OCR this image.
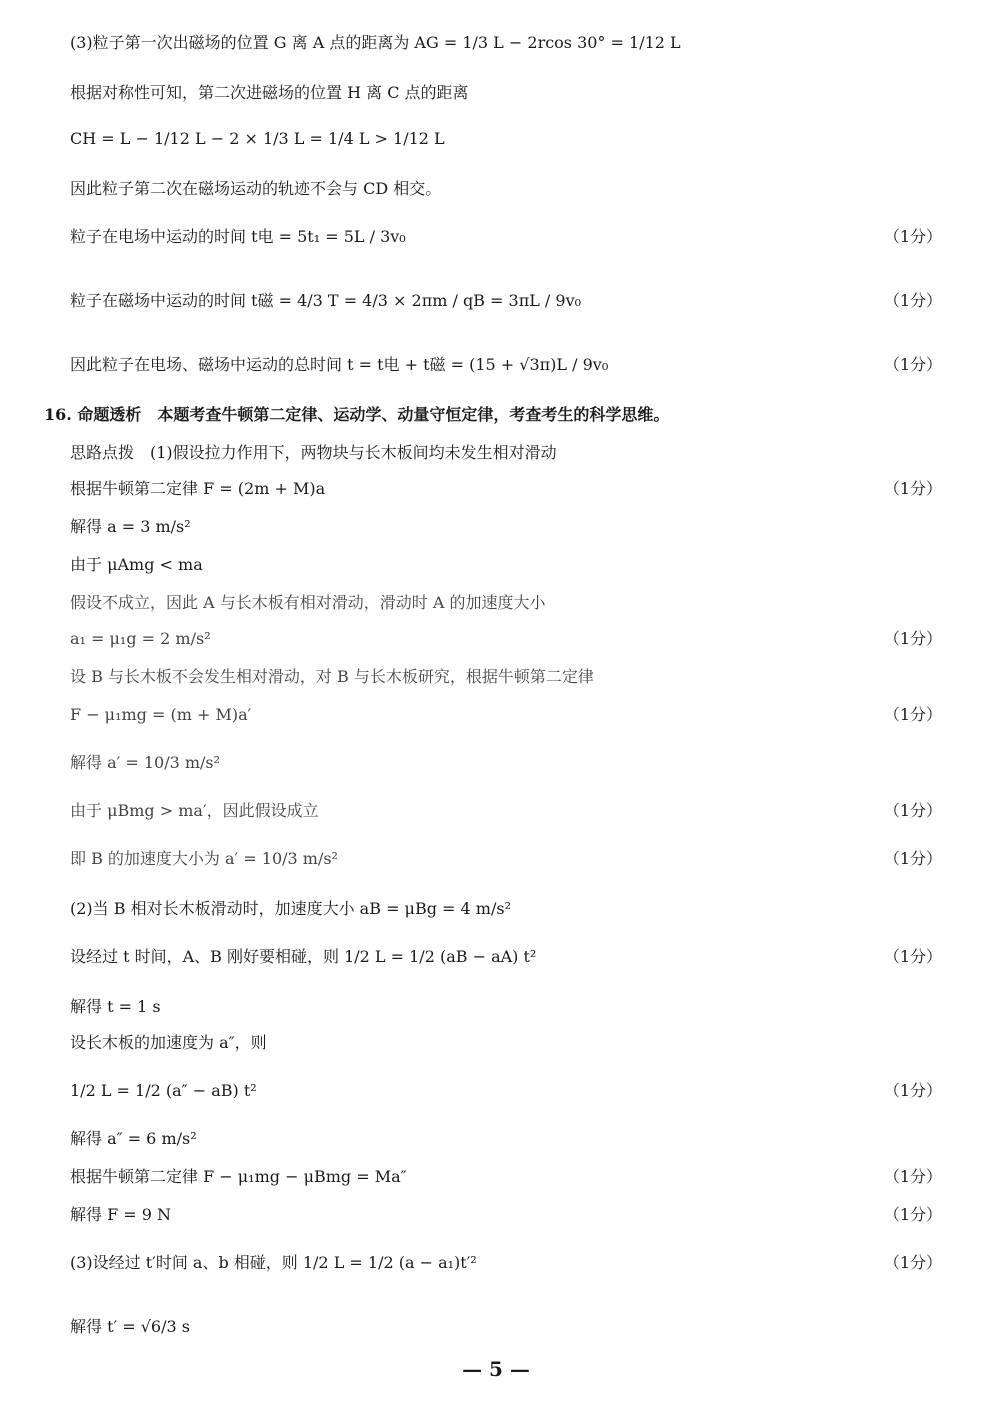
(3)粒子第一次出磁场的位置 G 离 A 点的距离为 AG = 1/3 L − 2rcos 30° = 1/12 L
根据对称性可知，第二次进磁场的位置 H 离 C 点的距离
CH = L − 1/12 L − 2 × 1/3 L = 1/4 L > 1/12 L
因此粒子第二次在磁场运动的轨迹不会与 CD 相交。
粒子在电场中运动的时间 t电 = 5t₁ = 5L / 3v₀	（1分）
粒子在磁场中运动的时间 t磁 = 4/3 T = 4/3 × 2πm / qB = 3πL / 9v₀	（1分）
因此粒子在电场、磁场中运动的总时间 t = t电 + t磁 = (15 + √3π)L / 9v₀	（1分）
16. 命题透析　本题考查牛顿第二定律、运动学、动量守恒定律，考查考生的科学思维。
思路点拨　(1)假设拉力作用下，两物块与长木板间均未发生相对滑动
根据牛顿第二定律 F = (2m + M)a	（1分）
解得 a = 3 m/s²
由于 μAmg < ma
假设不成立，因此 A 与长木板有相对滑动，滑动时 A 的加速度大小
a₁ = μ₁g = 2 m/s²	（1分）
设 B 与长木板不会发生相对滑动，对 B 与长木板研究，根据牛顿第二定律
F − μ₁mg = (m + M)a′	（1分）
解得 a′ = 10/3 m/s²
由于 μBmg > ma′，因此假设成立	（1分）
即 B 的加速度大小为 a′ = 10/3 m/s²	（1分）
(2)当 B 相对长木板滑动时，加速度大小 aB = μBg = 4 m/s²
设经过 t 时间，A、B 刚好要相碰，则 1/2 L = 1/2 (aB − aA) t²	（1分）
解得 t = 1 s
设长木板的加速度为 a″，则
1/2 L = 1/2 (a″ − aB) t²	（1分）
解得 a″ = 6 m/s²
根据牛顿第二定律 F − μ₁mg − μBmg = Ma″	（1分）
解得 F = 9 N	（1分）
(3)设经过 t′时间 a、b 相碰，则 1/2 L = 1/2 (a − a₁)t′²	（1分）
解得 t′ = √6/3 s
— 5 —
